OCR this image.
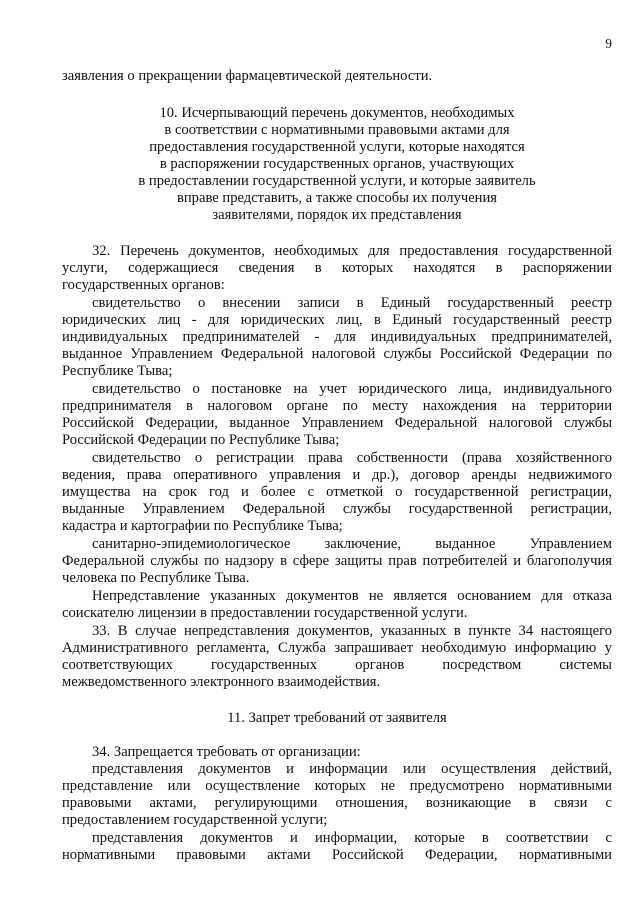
9
заявления о прекращении фармацевтической деятельности.
10. Исчерпывающий перечень документов, необходимых
в соответствии с нормативными правовыми актами для
предоставления государственной услуги, которые находятся
в распоряжении государственных органов, участвующих
в предоставлении государственной услуги, и которые заявитель
вправе представить, а также способы их получения
заявителями, порядок их представления
32. Перечень документов, необходимых для предоставления государственной
услуги, содержащиеся сведения в которых находятся в распоряжении
государственных органов:
свидетельство о внесении записи в Единый государственный реестр
юридических лиц - для юридических лиц, в Единый государственный реестр
индивидуальных предпринимателей - для индивидуальных предпринимателей,
выданное Управлением Федеральной налоговой службы Российской Федерации по
Республике Тыва;
свидетельство о постановке на учет юридического лица, индивидуального
предпринимателя в налоговом органе по месту нахождения на территории
Российской Федерации, выданное Управлением Федеральной налоговой службы
Российской Федерации по Республике Тыва;
свидетельство о регистрации права собственности (права хозяйственного
ведения, права оперативного управления и др.), договор аренды недвижимого
имущества на срок год и более с отметкой о государственной регистрации,
выданные Управлением Федеральной службы государственной регистрации,
кадастра и картографии по Республике Тыва;
санитарно-эпидемиологическое заключение, выданное Управлением
Федеральной службы по надзору в сфере защиты прав потребителей и благополучия
человека по Республике Тыва.
Непредставление указанных документов не является основанием для отказа
соискателю лицензии в предоставлении государственной услуги.
33. В случае непредставления документов, указанных в пункте 34 настоящего
Административного регламента, Служба запрашивает необходимую информацию у
соответствующих государственных органов посредством системы
межведомственного электронного взаимодействия.
11. Запрет требований от заявителя
34. Запрещается требовать от организации:
представления документов и информации или осуществления действий,
представление или осуществление которых не предусмотрено нормативными
правовыми актами, регулирующими отношения, возникающие в связи с
предоставлением государственной услуги;
представления документов и информации, которые в соответствии с
нормативными правовыми актами Российской Федерации, нормативными
